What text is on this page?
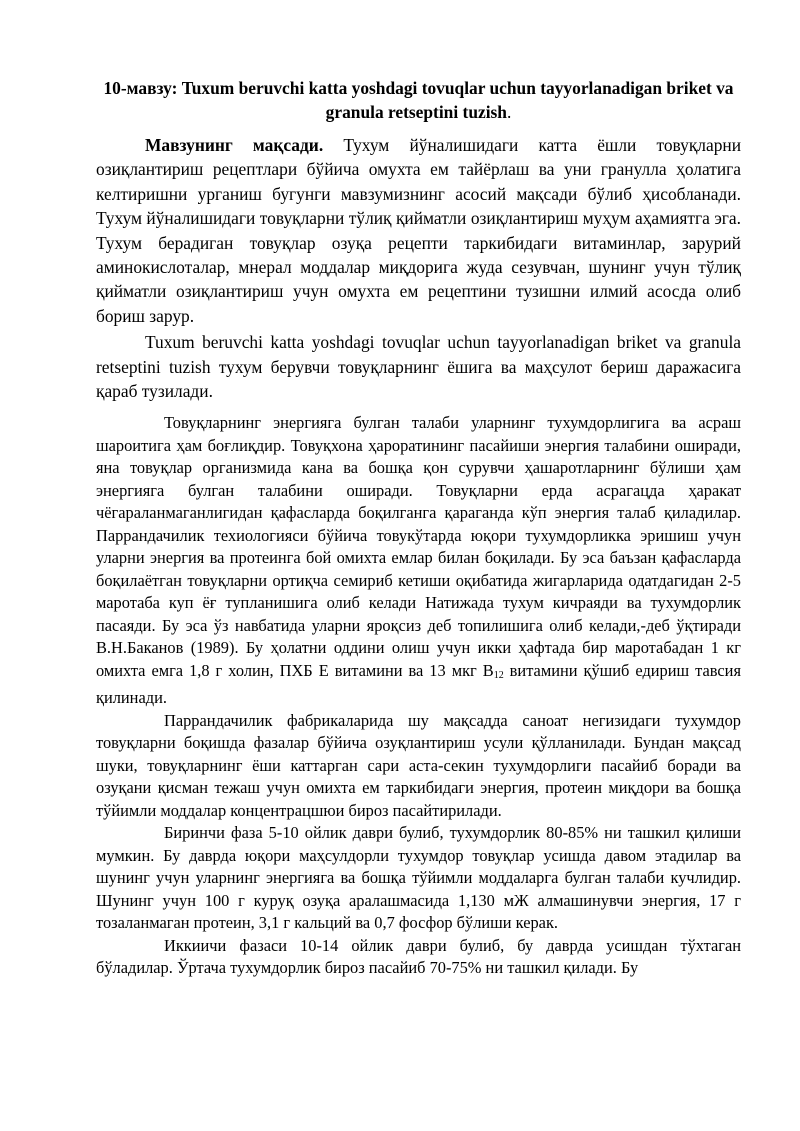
10-мавзу: Tuxum beruvchi katta yoshdagi tovuqlar uchun tayyorlanadigan briket va granula retseptini tuzish.

Мавзунинг мақсади. Тухум йўналишидаги катта ёшли товуқларни озиқлантириш рецептлари бўйича омухта ем тайёрлаш ва уни гранулла ҳолатига келтиришни урганиш бугунги мавзумизнинг асосий мақсади бўлиб ҳисобланади. Тухум йўналишидаги товуқларни тўлиқ қийматли озиқлантириш муҳум аҳамиятга эга. Тухум берадиган товуқлар озуқа рецепти таркибидаги витаминлар, зарурий аминокислоталар, мнерал моддалар миқдорига жуда сезувчан, шунинг учун тўлиқ қийматли озиқлантириш учун омухта ем рецептини тузишни илмий асосда олиб бориш зарур.

Tuxum beruvchi katta yoshdagi tovuqlar uchun tayyorlanadigan briket va granula retseptini tuzish тухум берувчи товуқларнинг ёшига ва маҳсулот бериш даражасига қараб тузилади.

Товуқларнинг энергияга булган талаби уларнинг тухумдорлигига ва асраш шароитига ҳам боғлиқдир. Товуқхона ҳароратининг пасайиши энергия талабини оширади, яна товуқлар организмида кана ва бошқа қон сурувчи ҳашаротларнинг бўлиши ҳам энергияга булган талабини оширади. Товуқларни ерда асрагацда ҳаракат чёгараланмаганлигидан қафасларда боқилганга қараганда кўп энергия талаб қиладилар. Паррандачилик техиологияси бўйича товукўтарда юқори тухумдорликка эришиш учун уларни энергия ва протеинга бой омихта емлар билан боқилади. Бу эса баъзан қафасларда боқилаётган товуқларни ортиқча семириб кетиши оқибатида жигарларида одатдагидан 2-5 маротаба куп ёғ тупланишига олиб келади Натижада тухум кичраяди ва тухумдорлик пасаяди. Бу эса ўз навбатида уларни яроқсиз деб топилишига олиб келади,-деб ўқтиради В.Н.Баканов (1989). Бу ҳолатни оддини олиш учун икки ҳафтада бир маротабадан 1 кг омихта емга 1,8 г холин, ПХБ Е витамини ва 13 мкг $В_{12}$ витамини қўшиб едириш тавсия қилинади.

Паррандачилик фабрикаларида шу мақсадда саноат негизидаги тухумдор товуқларни боқишда фазалар бўйича озуқлантириш усули қўлланилади. Бундан мақсад шуки, товуқларнинг ёши каттарган сари аста-секин тухумдорлиги пасайиб боради ва озуқани қисман тежаш учун омихта ем таркибидаги энергия, протеин миқдори ва бошқа тўйимли моддалар концентрацшюи бироз пасайтирилади.

Биринчи фаза 5-10 ойлик даври булиб, тухумдорлик 80-85% ни ташкил қилиши мумкин. Бу даврда юқори маҳсулдорли тухумдор товуқлар усишда давом этадилар ва шунинг учун уларнинг энергияга ва бошқа тўйимли моддаларга булган талаби кучлидир. Шунинг учун 100 г куруқ озуқа аралашмасида 1,130 мЖ алмашинувчи энергия, 17 г тозаланмаган протеин, 3,1 г кальций ва 0,7 фосфор бўлиши керак.

Иккиичи фазаси 10-14 ойлик даври булиб, бу даврда усишдан тўхтаган бўладилар. Ўртача тухумдорлик бироз пасайиб 70-75% ни ташкил қилади. Бу
